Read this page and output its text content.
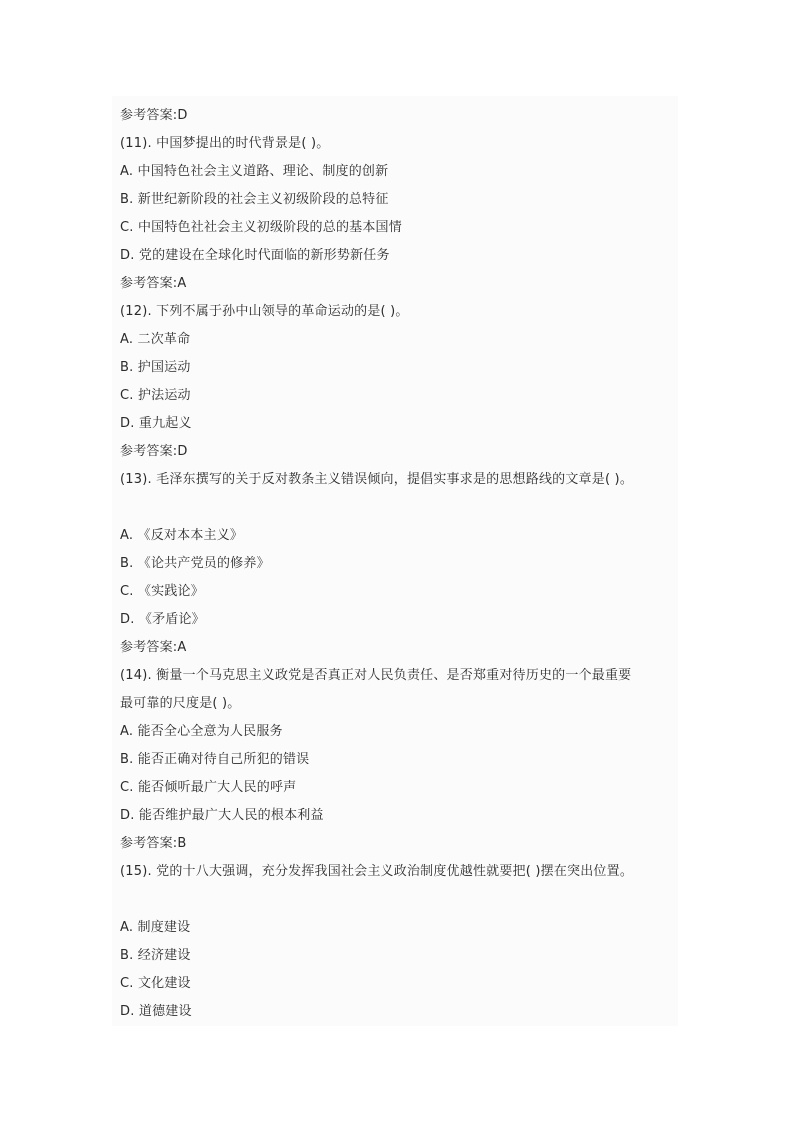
参考答案:D
(11). 中国梦提出的时代背景是( )。
A. 中国特色社会主义道路、理论、制度的创新
B. 新世纪新阶段的社会主义初级阶段的总特征
C. 中国特色社社会主义初级阶段的总的基本国情
D. 党的建设在全球化时代面临的新形势新任务
参考答案:A
(12). 下列不属于孙中山领导的革命运动的是( )。
A. 二次革命
B. 护国运动
C. 护法运动
D. 重九起义
参考答案:D
(13). 毛泽东撰写的关于反对教条主义错误倾向，提倡实事求是的思想路线的文章是( )。
A. 《反对本本主义》
B. 《论共产党员的修养》
C. 《实践论》
D. 《矛盾论》
参考答案:A
(14). 衡量一个马克思主义政党是否真正对人民负责任、是否郑重对待历史的一个最重要
最可靠的尺度是( )。
A. 能否全心全意为人民服务
B. 能否正确对待自己所犯的错误
C. 能否倾听最广大人民的呼声
D. 能否维护最广大人民的根本利益
参考答案:B
(15). 党的十八大强调，充分发挥我国社会主义政治制度优越性就要把( )摆在突出位置。
A. 制度建设
B. 经济建设
C. 文化建设
D. 道德建设
